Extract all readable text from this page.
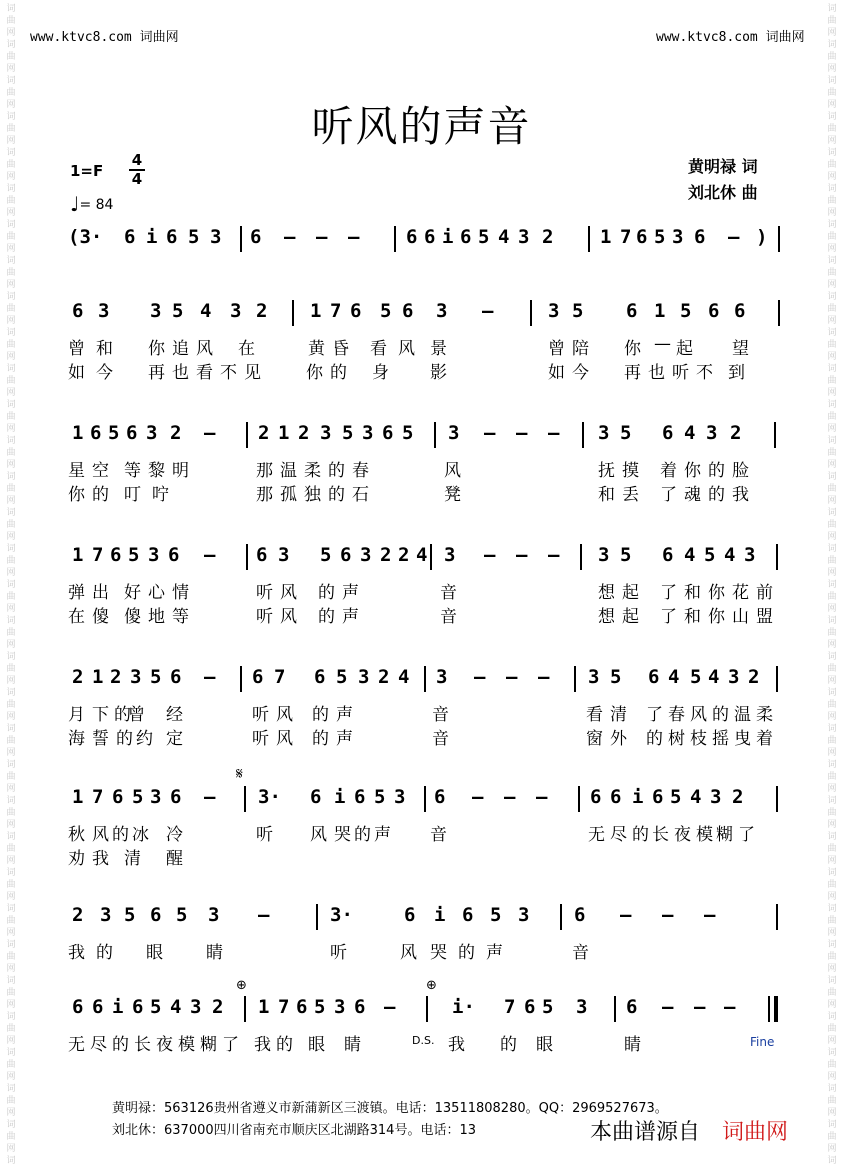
词
曲
网
词
曲
网
词
曲
网
词
曲
网
词
曲
网
词
曲
网
词
曲
网
词
曲
网
词
曲
网
词
曲
网
词
曲
网
词
曲
网
词
曲
网
词
曲
网
词
曲
网
词
曲
网
词
曲
网
词
曲
网
词
曲
网
词
曲
网
词
曲
网
词
曲
网
词
曲
网
词
曲
网
词
曲
网
词
曲
网
词
曲
网
词
曲
网
词
曲
网
词
曲
网
词
曲
网
词
曲
网
词
词
曲
网
词
曲
网
词
曲
网
词
曲
网
词
曲
网
词
曲
网
词
曲
网
词
曲
网
词
曲
网
词
曲
网
词
曲
网
词
曲
网
词
曲
网
词
曲
网
词
曲
网
词
曲
网
词
曲
网
词
曲
网
词
曲
网
词
曲
网
词
曲
网
词
曲
网
词
曲
网
词
曲
网
词
曲
网
词
曲
网
词
曲
网
词
曲
网
词
曲
网
词
曲
网
词
曲
网
词
曲
网
词
www.ktvc8.com 词曲网	www.ktvc8.com 词曲网
听风的声音
1=F
4
4
♩= 84
黄明禄 词
刘北休 曲
(3· 6 i 6 5 3 6 – – – 6 6 i 6 5 4 3 2 1 7 6 5 3 6 – )
6 3 3 5 4 3 2 1 7 6 5 6 3 –	3 5 6 1 5 6 6
曾 和 你 追 风 在	黄 昏 看 风 景	曾 陪 你 — 起 望
如 今 再 也 看 不 见	你 的 身 影	如 今 再 也 听 不 到
1 6 5 6 3 2 – 2 1 2 3 5 3 6 5 3 – – – 3 5 6 4 3 2
星 空 等 黎 明	那 温 柔 的 春	风	抚 摸 着 你 的 脸
你 的 叮 咛	那 孤 独 的 石	凳	和 丢 了 魂 的 我
1 7 6 5 3 6 – 6 3 5 6 3 2 2 4 3 – – – 3 5 6 4 5 4 3
弹 出 好 心 情	听 风 的 声	音	想 起 了 和 你 花 前
在 傻 傻 地 等	听 风 的 声	音	想 起 了 和 你 山 盟
2 1 2 3 5 6 – 6 7 6 5 3 2 4 3 – – – 3 5 6 4 5 4 3 2
月 下 的
曾 经	听 风 的 声	音	看 清 了 春 风 的 温 柔
海 誓 的 约 定	听 风 的 声	音	窗 外 的 树 枝 摇 曳 着
1 7 6 5 3 6 – 3· 6 i 6 5 3 6 – – – 6 6 i 6 5 4 3 2
秋 风 的 冰 冷	听 风 哭 的 声 音	无 尽 的 长 夜 模 糊 了
劝 我 清 醒
2 3 5 6 5 3 –	3·	6 i 6 5 3 6 – – –
我 的 眼	睛	听	风 哭 的 声	音
6 6 i 6 5 4 3 2 1 7 6 5 3 6 –	i· 7 6 5 3 6 – – –
无 尽 的 长 夜 模 糊 了 我 的 眼 睛	我 的 眼	睛
𝄋
⊕	⊕
D.S.	Fine
黄明禄：563126贵州省遵义市新蒲新区三渡镇。电话：13511808280。QQ：2969527673。
刘北休：637000四川省南充市顺庆区北湖路314号。电话：13	本曲谱源自 词曲网
